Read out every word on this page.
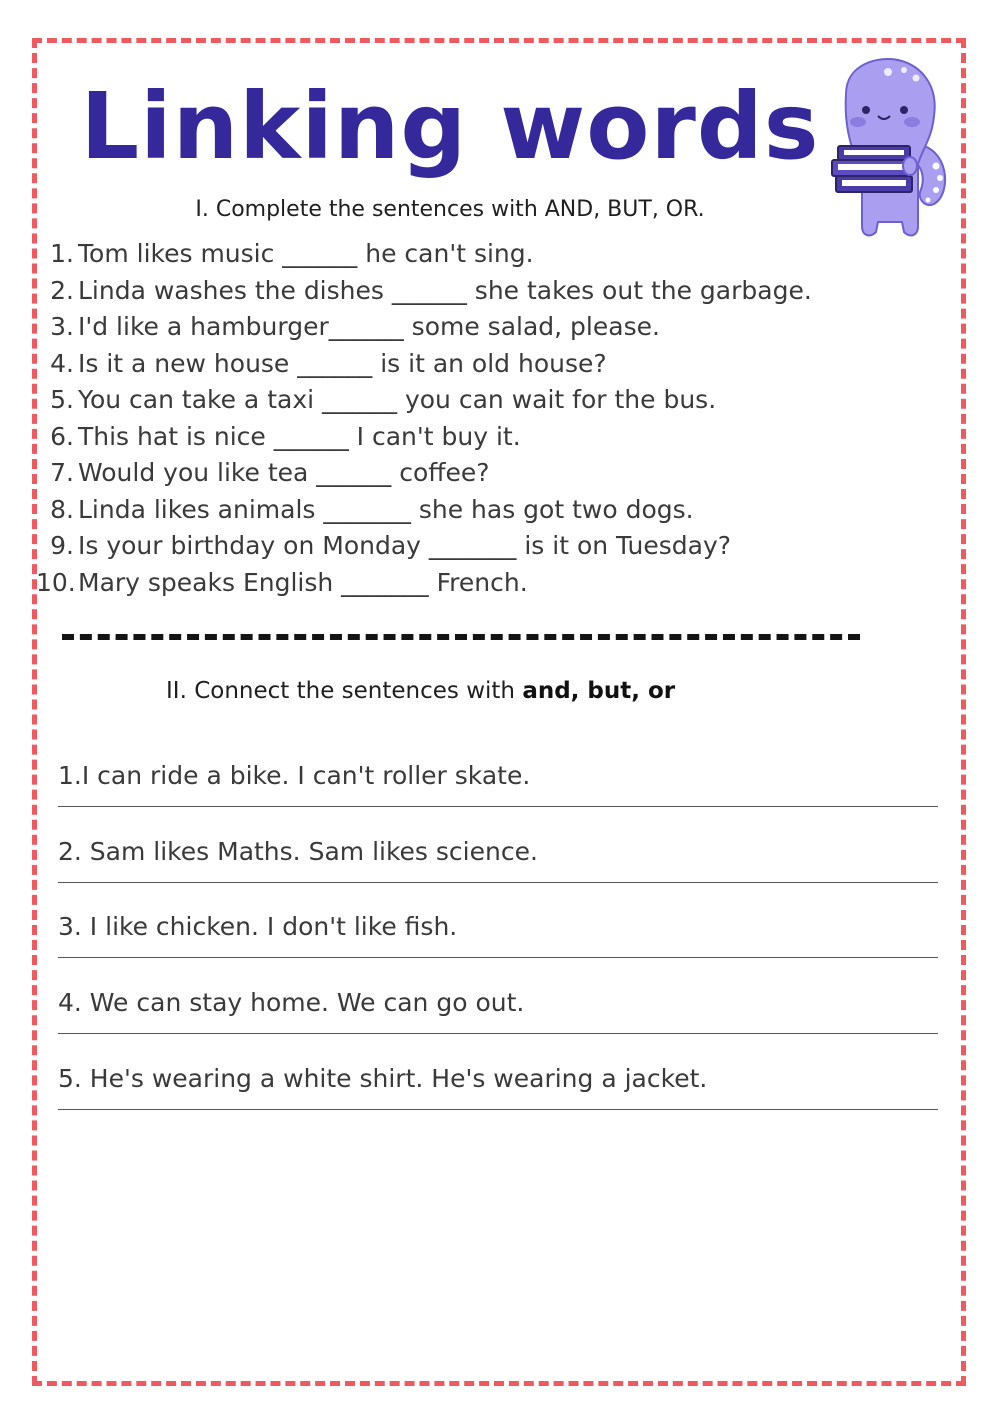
Linking words
I. Complete the sentences with AND, BUT, OR.
1. Tom likes music ______ he can't sing.
2. Linda washes the dishes ______ she takes out the garbage.
3. I'd like a hamburger______ some salad, please.
4. Is it a new house ______ is it an old house?
5. You can take a taxi ______ you can wait for the bus.
6. This hat is nice ______ I can't buy it.
7. Would you like tea ______ coffee?
8. Linda likes animals _______ she has got two dogs.
9. Is your birthday on Monday _______ is it on Tuesday?
10. Mary speaks English _______ French.
II. Connect the sentences with and, but, or
1.I can ride a bike. I can't roller skate.
2. Sam likes Maths. Sam likes science.
3. I like chicken. I don't like fish.
4. We can stay home. We can go out.
5. He's wearing a white shirt. He's wearing a jacket.
